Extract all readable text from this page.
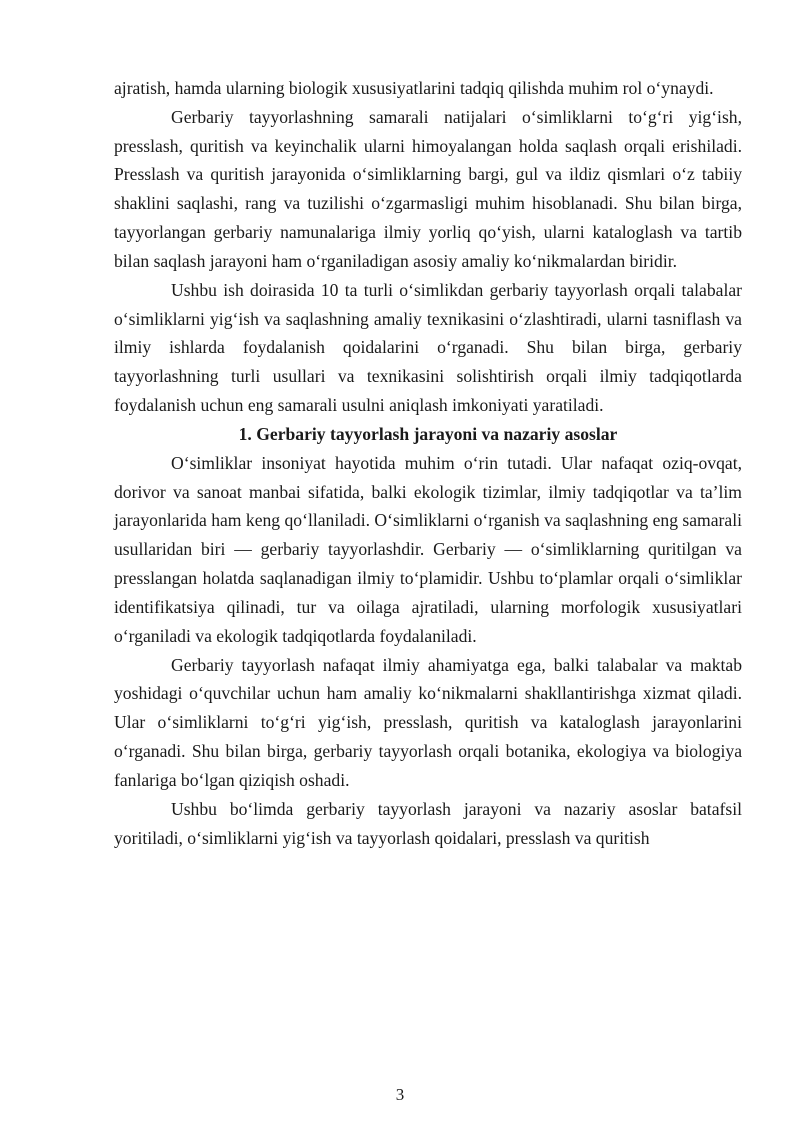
ajratish, hamda ularning biologik xususiyatlarini tadqiq qilishda muhim rol o‘ynaydi.

Gerbariy tayyorlashning samarali natijalari o‘simliklarni to‘g‘ri yig‘ish, presslash, quritish va keyinchalik ularni himoyalangan holda saqlash orqali erishiladi. Presslash va quritish jarayonida o‘simliklarning bargi, gul va ildiz qismlari o‘z tabiiy shaklini saqlashi, rang va tuzilishi o‘zgarmasligi muhim hisoblanadi. Shu bilan birga, tayyorlangan gerbariy namunalariga ilmiy yorliq qo‘yish, ularni kataloglash va tartib bilan saqlash jarayoni ham o‘rganiladigan asosiy amaliy ko‘nikmalardan biridir.

Ushbu ish doirasida 10 ta turli o‘simlikdan gerbariy tayyorlash orqali talabalar o‘simliklarni yig‘ish va saqlashning amaliy texnikasini o‘zlashtiradi, ularni tasniflash va ilmiy ishlarda foydalanish qoidalarini o‘rganadi. Shu bilan birga, gerbariy tayyorlashning turli usullari va texnikasini solishtirish orqali ilmiy tadqiqotlarda foydalanish uchun eng samarali usulni aniqlash imkoniyati yaratiladi.

1. Gerbariy tayyorlash jarayoni va nazariy asoslar

O‘simliklar insoniyat hayotida muhim o‘rin tutadi. Ular nafaqat oziq-ovqat, dorivor va sanoat manbai sifatida, balki ekologik tizimlar, ilmiy tadqiqotlar va ta’lim jarayonlarida ham keng qo‘llaniladi. O‘simliklarni o‘rganish va saqlashning eng samarali usullaridan biri — gerbariy tayyorlashdir. Gerbariy — o‘simliklarning quritilgan va presslangan holatda saqlanadigan ilmiy to‘plamidir. Ushbu to‘plamlar orqali o‘simliklar identifikatsiya qilinadi, tur va oilaga ajratiladi, ularning morfologik xususiyatlari o‘rganiladi va ekologik tadqiqotlarda foydalaniladi.

Gerbariy tayyorlash nafaqat ilmiy ahamiyatga ega, balki talabalar va maktab yoshidagi o‘quvchilar uchun ham amaliy ko‘nikmalarni shakllantirishga xizmat qiladi. Ular o‘simliklarni to‘g‘ri yig‘ish, presslash, quritish va kataloglash jarayonlarini o‘rganadi. Shu bilan birga, gerbariy tayyorlash orqali botanika, ekologiya va biologiya fanlariga bo‘lgan qiziqish oshadi.

Ushbu bo‘limda gerbariy tayyorlash jarayoni va nazariy asoslar batafsil yoritiladi, o‘simliklarni yig‘ish va tayyorlash qoidalari, presslash va quritish

3
